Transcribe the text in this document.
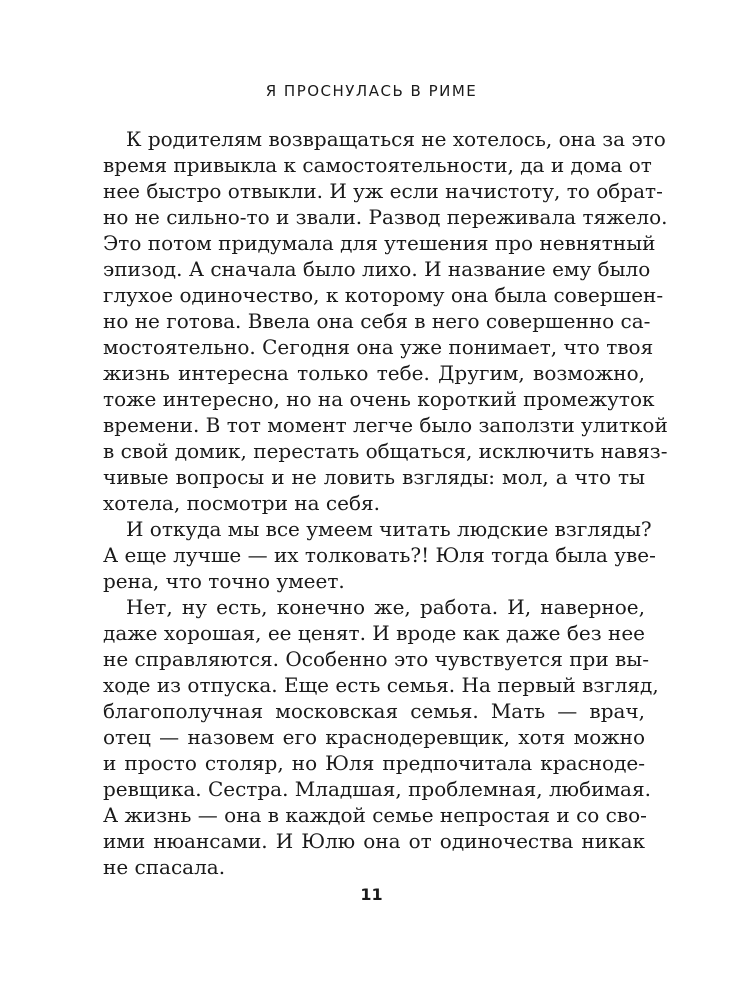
Я ПРОСНУЛАСЬ В РИМЕ
К родителям возвращаться не хотелось, она за это
время привыкла к самостоятельности, да и дома от
нее быстро отвыкли. И уж если начистоту, то обрат-
но не сильно-то и звали. Развод переживала тяжело.
Это потом придумала для утешения про невнятный
эпизод. А сначала было лихо. И название ему было
глухое одиночество, к которому она была совершен-
но не готова. Ввела она себя в него совершенно са-
мостоятельно. Сегодня она уже понимает, что твоя
жизнь интересна только тебе. Другим, возможно,
тоже интересно, но на очень короткий промежуток
времени. В тот момент легче было заползти улиткой
в свой домик, перестать общаться, исключить навяз-
чивые вопросы и не ловить взгляды: мол, а что ты
хотела, посмотри на себя.
И откуда мы все умеем читать людские взгляды?
А еще лучше — их толковать?! Юля тогда была уве-
рена, что точно умеет.
Нет, ну есть, конечно же, работа. И, наверное,
даже хорошая, ее ценят. И вроде как даже без нее
не справляются. Особенно это чувствуется при вы-
ходе из отпуска. Еще есть семья. На первый взгляд,
благополучная московская семья. Мать — врач,
отец — назовем его краснодеревщик, хотя можно
и просто столяр, но Юля предпочитала красноде-
ревщика. Сестра. Младшая, проблемная, любимая.
А жизнь — она в каждой семье непростая и со сво-
ими нюансами. И Юлю она от одиночества никак
не спасала.
11
